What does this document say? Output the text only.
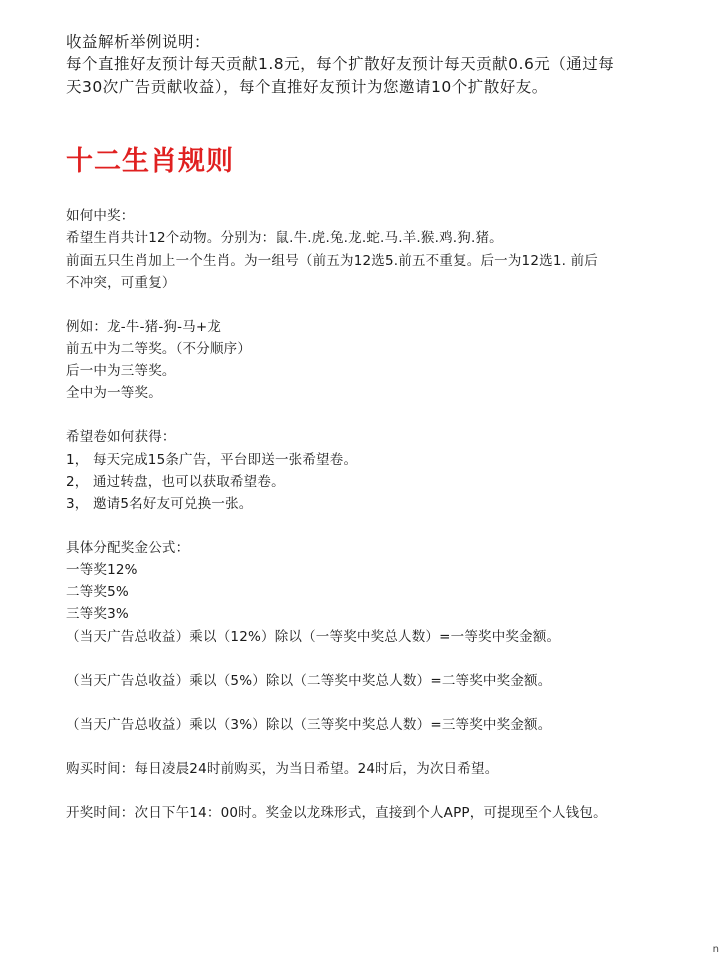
收益解析举例说明：
每个直推好友预计每天贡献1.8元，每个扩散好友预计每天贡献0.6元（通过每
天30次广告贡献收益），每个直推好友预计为您邀请10个扩散好友。
十二生肖规则
如何中奖：
希望生肖共计12个动物。分别为：鼠.牛.虎.兔.龙.蛇.马.羊.猴.鸡.狗.猪。
前面五只生肖加上一个生肖。为一组号（前五为12选5.前五不重复。后一为12选1. 前后
不冲突，可重复）
例如：龙-牛-猪-狗-马+龙
前五中为二等奖。（不分顺序）
后一中为三等奖。
全中为一等奖。
希望卷如何获得：
1， 每天完成15条广告，平台即送一张希望卷。
2， 通过转盘，也可以获取希望卷。
3， 邀请5名好友可兑换一张。
具体分配奖金公式：
一等奖12%
二等奖5%
三等奖3%
（当天广告总收益）乘以（12%）除以（一等奖中奖总人数）=一等奖中奖金额。
（当天广告总收益）乘以（5%）除以（二等奖中奖总人数）=二等奖中奖金额。
（当天广告总收益）乘以（3%）除以（三等奖中奖总人数）=三等奖中奖金额。
购买时间：每日凌晨24时前购买，为当日希望。24时后，为次日希望。
开奖时间：次日下午14：00时。奖金以龙珠形式，直接到个人APP，可提现至个人钱包。
n
